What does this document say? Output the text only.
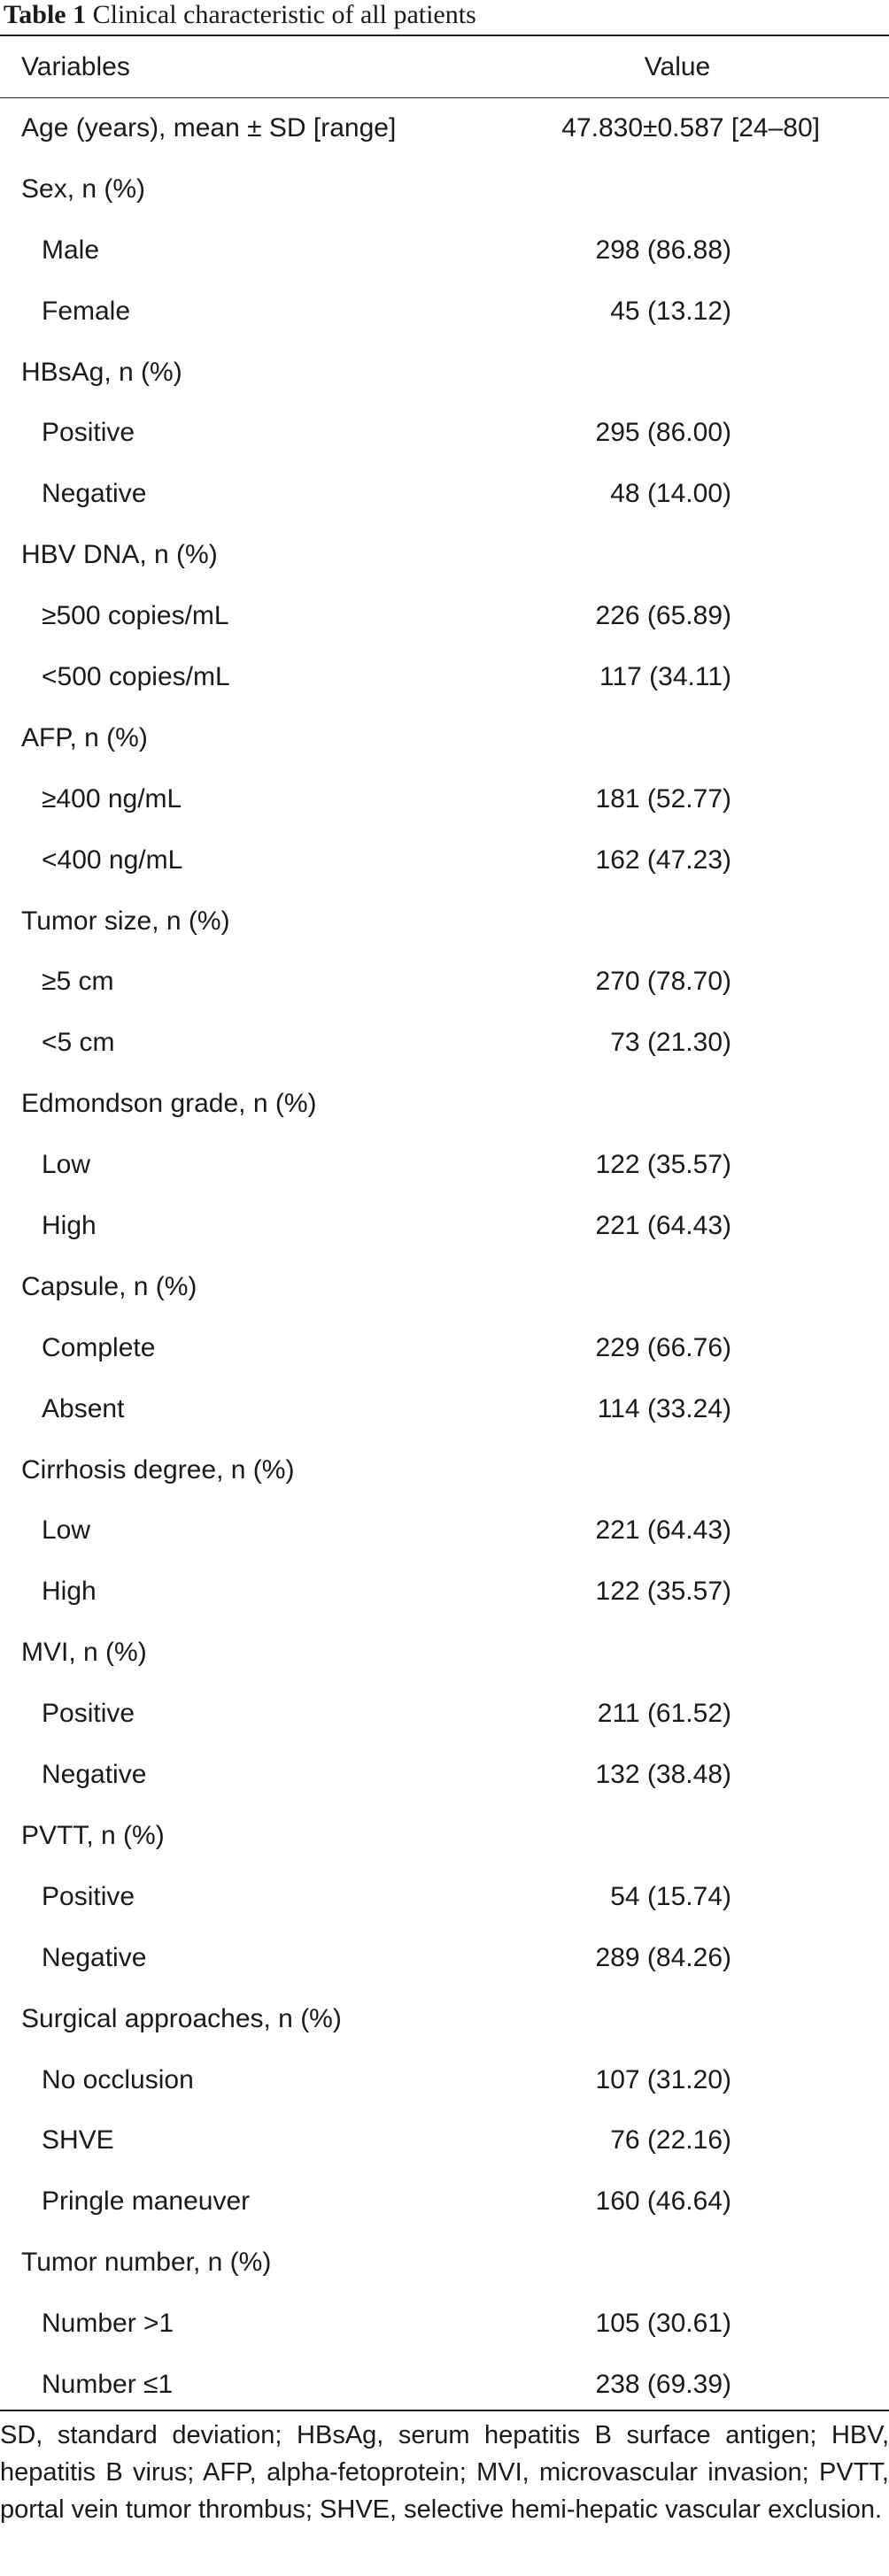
Table 1 Clinical characteristic of all patients
Variables	Value
Age (years), mean ± SD [range]	47.830±0.587 [24–80]
Sex, n (%)
Male	298 (86.88)
Female	45 (13.12)
HBsAg, n (%)
Positive	295 (86.00)
Negative	48 (14.00)
HBV DNA, n (%)
≥500 copies/mL	226 (65.89)
<500 copies/mL	117 (34.11)
AFP, n (%)
≥400 ng/mL	181 (52.77)
<400 ng/mL	162 (47.23)
Tumor size, n (%)
≥5 cm	270 (78.70)
<5 cm	73 (21.30)
Edmondson grade, n (%)
Low	122 (35.57)
High	221 (64.43)
Capsule, n (%)
Complete	229 (66.76)
Absent	114 (33.24)
Cirrhosis degree, n (%)
Low	221 (64.43)
High	122 (35.57)
MVI, n (%)
Positive	211 (61.52)
Negative	132 (38.48)
PVTT, n (%)
Positive	54 (15.74)
Negative	289 (84.26)
Surgical approaches, n (%)
No occlusion	107 (31.20)
SHVE	76 (22.16)
Pringle maneuver	160 (46.64)
Tumor number, n (%)
Number >1	105 (30.61)
Number ≤1	238 (69.39)
SD, standard deviation; HBsAg, serum hepatitis B surface antigen; HBV, hepatitis B virus; AFP, alpha-fetoprotein; MVI, microvascular invasion; PVTT, portal vein tumor thrombus; SHVE, selective hemi-hepatic vascular exclusion.
